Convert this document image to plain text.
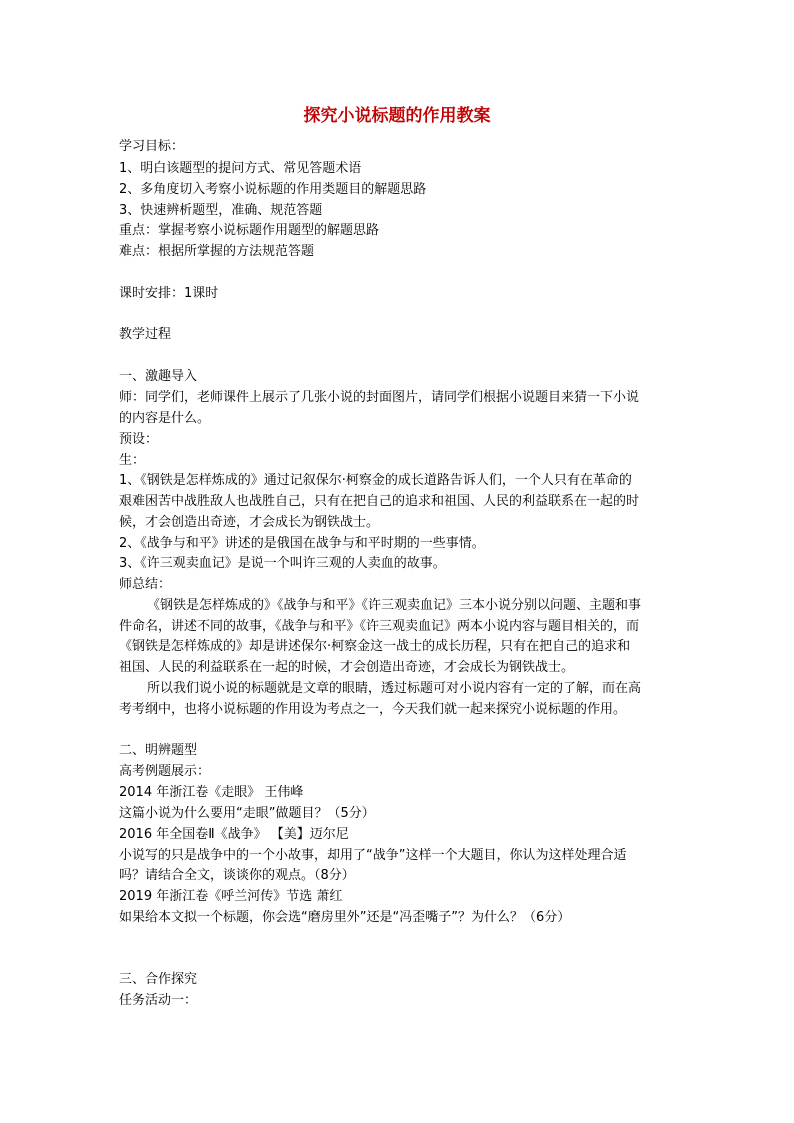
探究小说标题的作用教案
学习目标：
1、明白该题型的提问方式、常见答题术语
2、多角度切入考察小说标题的作用类题目的解题思路
3、快速辨析题型，准确、规范答题
重点：掌握考察小说标题作用题型的解题思路
难点：根据所掌握的方法规范答题
课时安排：1课时
教学过程
一、激趣导入
师：同学们，老师课件上展示了几张小说的封面图片，请同学们根据小说题目来猜一下小说
的内容是什么。
预设：
生：
1、《钢铁是怎样炼成的》通过记叙保尔·柯察金的成长道路告诉人们，一个人只有在革命的
艰难困苦中战胜敌人也战胜自己，只有在把自己的追求和祖国、人民的利益联系在一起的时
候，才会创造出奇迹，才会成长为钢铁战士。
2、《战争与和平》讲述的是俄国在战争与和平时期的一些事情。
3、《许三观卖血记》是说一个叫许三观的人卖血的故事。
师总结：
《钢铁是怎样炼成的》《战争与和平》《许三观卖血记》三本小说分别以问题、主题和事
件命名，讲述不同的故事，《战争与和平》《许三观卖血记》两本小说内容与题目相关的，而
《钢铁是怎样炼成的》却是讲述保尔·柯察金这一战士的成长历程，只有在把自己的追求和
祖国、人民的利益联系在一起的时候，才会创造出奇迹，才会成长为钢铁战士。
所以我们说小说的标题就是文章的眼睛，透过标题可对小说内容有一定的了解，而在高
考考纲中，也将小说标题的作用设为考点之一，今天我们就一起来探究小说标题的作用。
二、明辨题型
高考例题展示：
2014 年浙江卷《走眼》 王伟峰
这篇小说为什么要用“走眼”做题目？（5分）
2016 年全国卷Ⅱ《战争》 【美】迈尔尼
小说写的只是战争中的一个小故事，却用了“战争”这样一个大题目，你认为这样处理合适
吗？请结合全文，谈谈你的观点。（8分）
2019 年浙江卷《呼兰河传》节选 萧红
如果给本文拟一个标题，你会选“磨房里外”还是“冯歪嘴子”？为什么？（6分）
三、合作探究
任务活动一：
